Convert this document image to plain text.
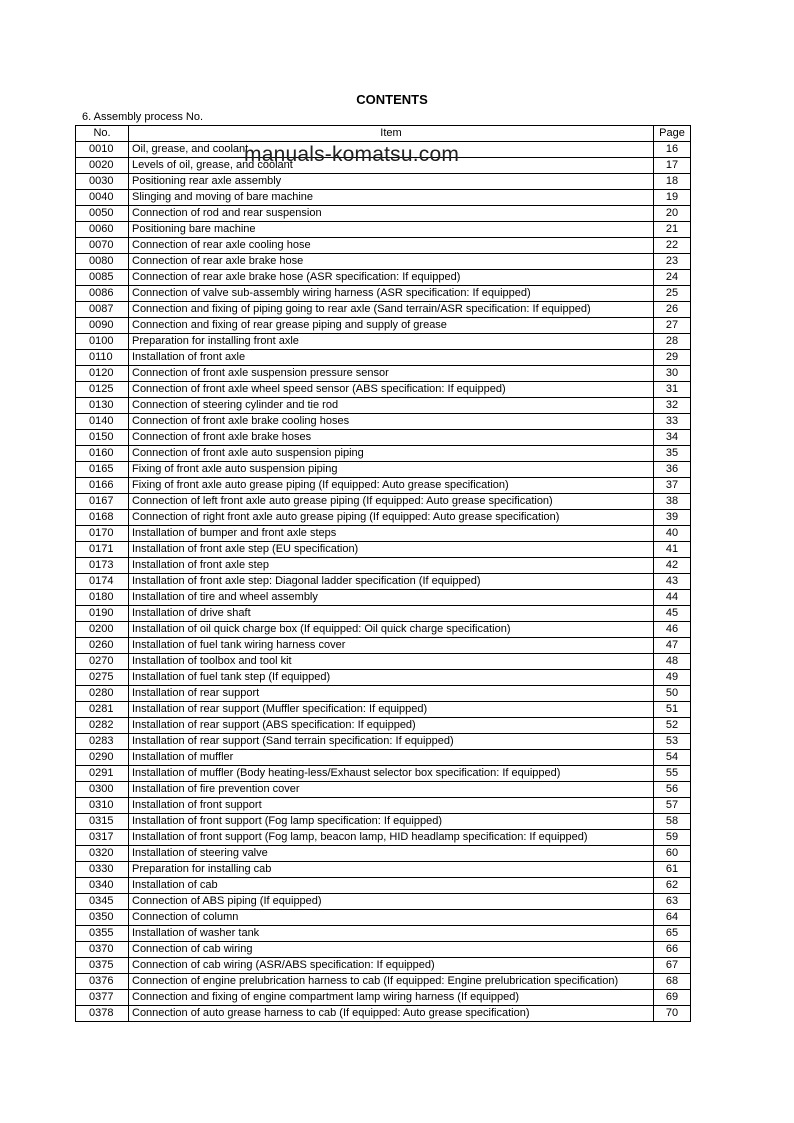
CONTENTS
6. Assembly process No.
No.	Item	Page
0010	Oil, grease, and coolant	16
0020	Levels of oil, grease, and coolant	17
0030	Positioning rear axle assembly	18
0040	Slinging and moving of bare machine	19
0050	Connection of rod and rear suspension	20
0060	Positioning bare machine	21
0070	Connection of rear axle cooling hose	22
0080	Connection of rear axle brake hose	23
0085	Connection of rear axle brake hose (ASR specification: If equipped)	24
0086	Connection of valve sub-assembly wiring harness (ASR specification: If equipped)	25
0087	Connection and fixing of piping going to rear axle (Sand terrain/ASR specification: If equipped)	26
0090	Connection and fixing of rear grease piping and supply of grease	27
0100	Preparation for installing front axle	28
0110	Installation of front axle	29
0120	Connection of front axle suspension pressure sensor	30
0125	Connection of front axle wheel speed sensor (ABS specification: If equipped)	31
0130	Connection of steering cylinder and tie rod	32
0140	Connection of front axle brake cooling hoses	33
0150	Connection of front axle brake hoses	34
0160	Connection of front axle auto suspension piping	35
0165	Fixing of front axle auto suspension piping	36
0166	Fixing of front axle auto grease piping (If equipped: Auto grease specification)	37
0167	Connection of left front axle auto grease piping (If equipped: Auto grease specification)	38
0168	Connection of right front axle auto grease piping (If equipped: Auto grease specification)	39
0170	Installation of bumper and front axle steps	40
0171	Installation of front axle step (EU specification)	41
0173	Installation of front axle step	42
0174	Installation of front axle step: Diagonal ladder specification (If equipped)	43
0180	Installation of tire and wheel assembly	44
0190	Installation of drive shaft	45
0200	Installation of oil quick charge box (If equipped: Oil quick charge specification)	46
0260	Installation of fuel tank wiring harness cover	47
0270	Installation of toolbox and tool kit	48
0275	Installation of fuel tank step (If equipped)	49
0280	Installation of rear support	50
0281	Installation of rear support (Muffler specification: If equipped)	51
0282	Installation of rear support (ABS specification: If equipped)	52
0283	Installation of rear support (Sand terrain specification: If equipped)	53
0290	Installation of muffler	54
0291	Installation of muffler (Body heating-less/Exhaust selector box specification: If equipped)	55
0300	Installation of fire prevention cover	56
0310	Installation of front support	57
0315	Installation of front support (Fog lamp specification: If equipped)	58
0317	Installation of front support (Fog lamp, beacon lamp, HID headlamp specification: If equipped)	59
0320	Installation of steering valve	60
0330	Preparation for installing cab	61
0340	Installation of cab	62
0345	Connection of ABS piping (If equipped)	63
0350	Connection of column	64
0355	Installation of washer tank	65
0370	Connection of cab wiring	66
0375	Connection of cab wiring (ASR/ABS specification: If equipped)	67
0376	Connection of engine prelubrication harness to cab (If equipped: Engine prelubrication specification)	68
0377	Connection and fixing of engine compartment lamp wiring harness (If equipped)	69
0378	Connection of auto grease harness to cab (If equipped: Auto grease specification)	70
manuals-komatsu.com
